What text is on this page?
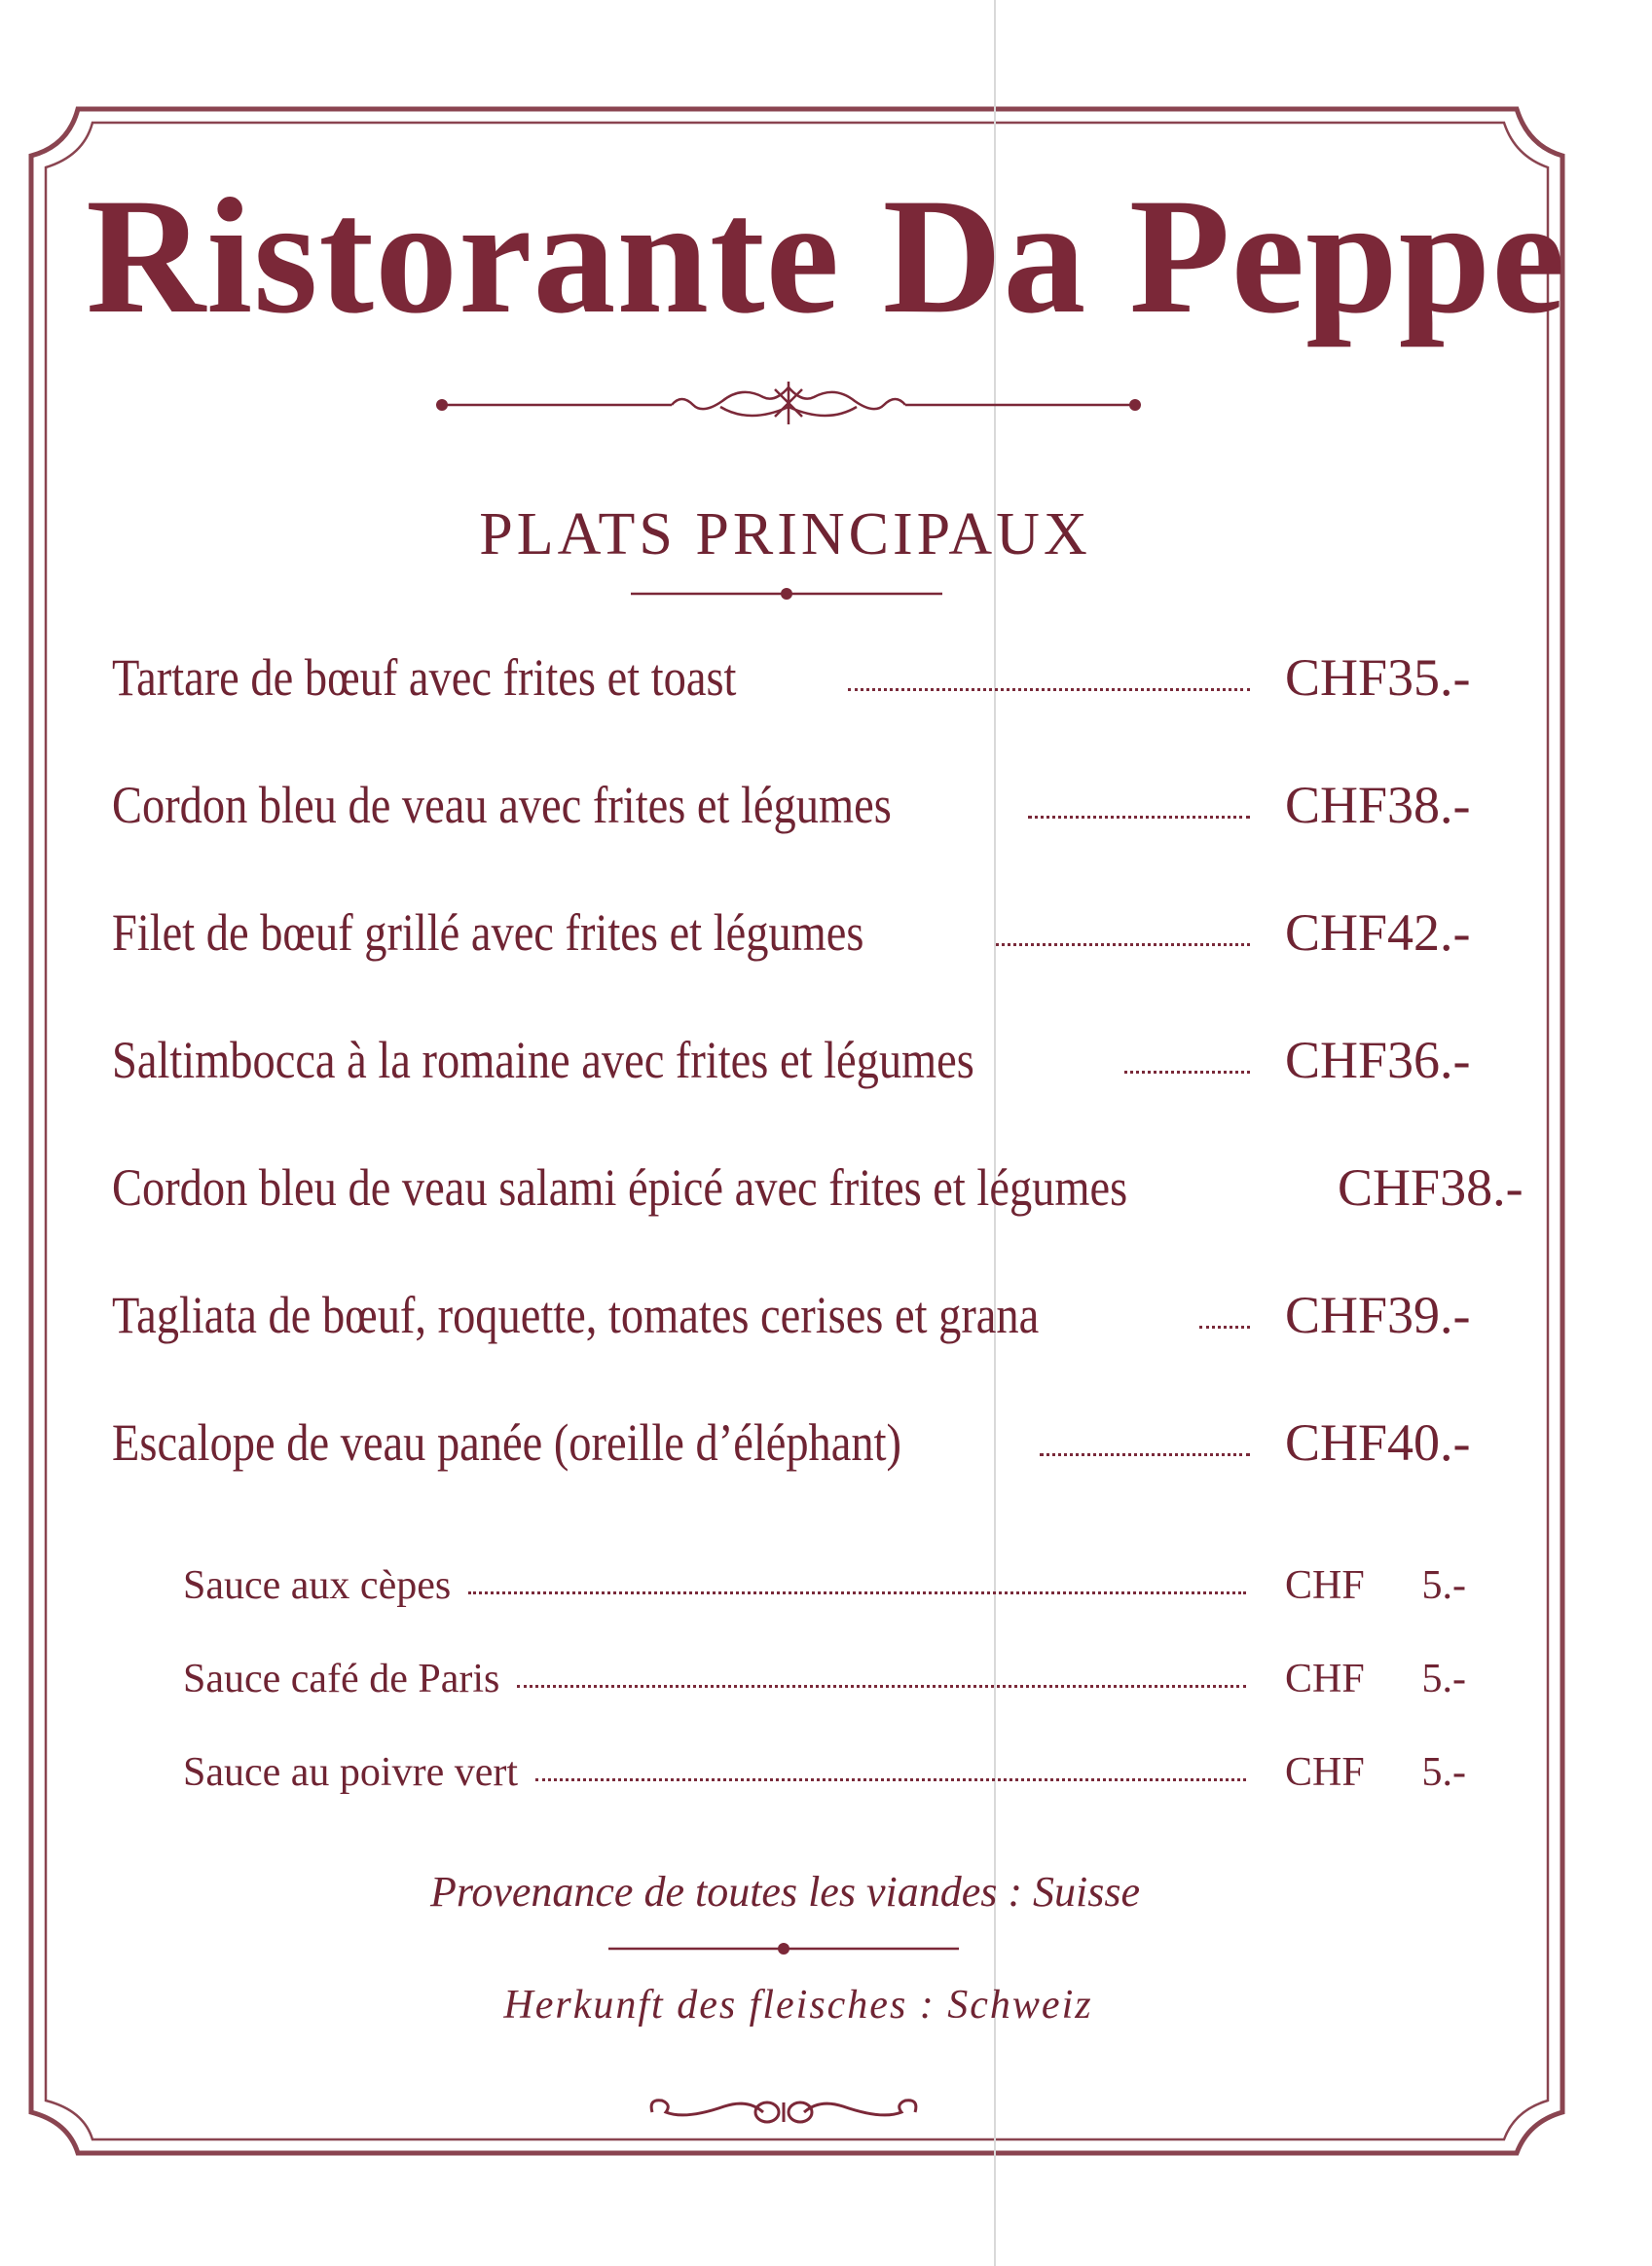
Ristorante Da Peppe
PLATS PRINCIPAUX
Tartare de bœuf avec frites et toast	CHF 35.-
Cordon bleu de veau avec frites et légumes	CHF 38.-
Filet de bœuf grillé avec frites et légumes	CHF 42.-
Saltimbocca à la romaine avec frites et légumes	CHF 36.-
Cordon bleu de veau salami épicé avec frites et légumes	CHF 38.-
Tagliata de bœuf, roquette, tomates cerises et grana	CHF 39.-
Escalope de veau panée (oreille d’éléphant)	CHF 40.-
Sauce aux cèpes	CHF 5.-
Sauce café de Paris	CHF 5.-
Sauce au poivre vert	CHF 5.-
Provenance de toutes les viandes : Suisse
Herkunft des fleisches : Schweiz
